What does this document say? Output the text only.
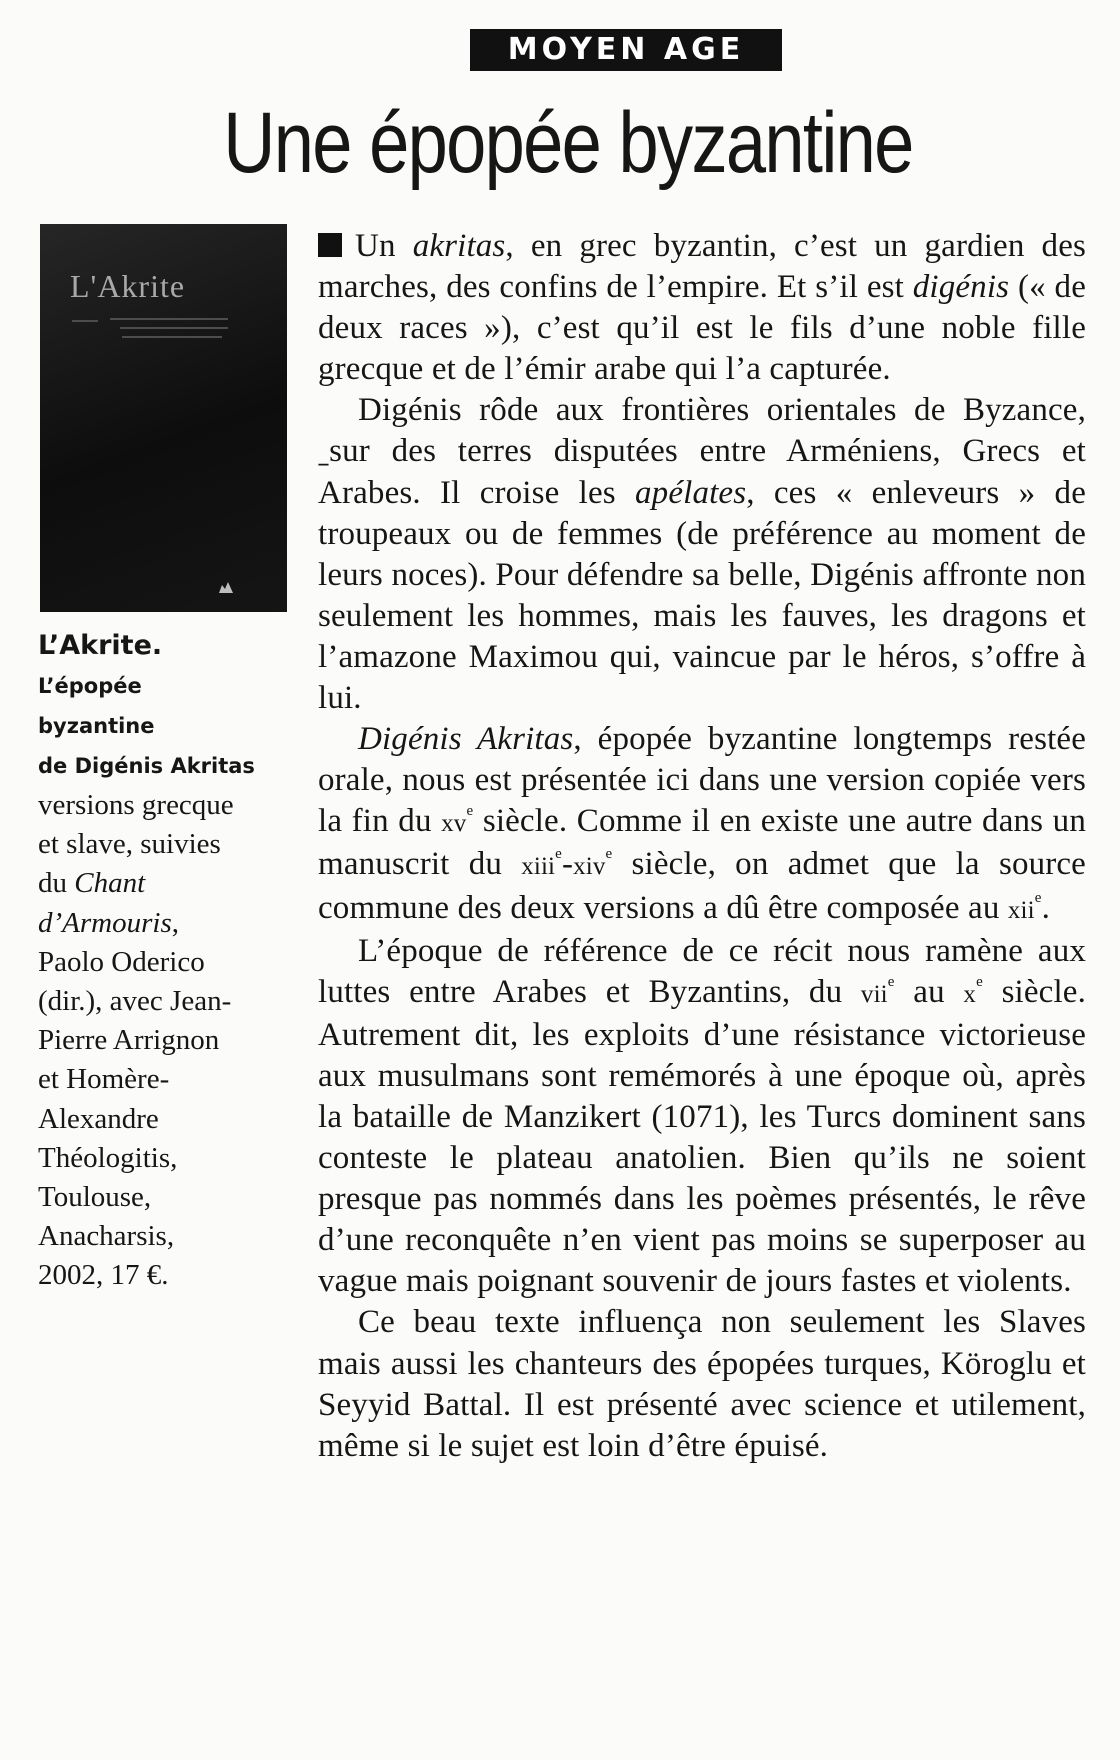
MOYEN AGE
Une épopée byzantine
L'Akrite
L’Akrite.
L’épopée
byzantine
de Digénis Akritas
versions grecque
et slave, suivies
du Chant
d’Armouris,
Paolo Oderico
(dir.), avec Jean-
Pierre Arrignon
et Homère-
Alexandre
Théologitis,
Toulouse,
Anacharsis,
2002, 17 €.

Un akritas, en grec byzantin, c’est un gardien des marches, des confins de l’empire. Et s’il est digénis (« de deux races »), c’est qu’il est le fils d’une noble fille grecque et de l’émir arabe qui l’a capturée.

Digénis rôde aux frontières orientales de Byzance, ˍsur des terres disputées entre Arméniens, Grecs et Arabes. Il croise les apélates, ces « enleveurs » de troupeaux ou de femmes (de préférence au moment de leurs noces). Pour défendre sa belle, Digénis affronte non seulement les hommes, mais les fauves, les dragons et l’amazone Maximou qui, vaincue par le héros, s’offre à lui.

Digénis Akritas, épopée byzantine longtemps restée orale, nous est présentée ici dans une version copiée vers la fin du $xv^e$ siècle. Comme il en existe une autre dans un manuscrit du xiii$^e$-xiv$^e$ siècle, on admet que la source commune des deux versions a dû être composée au xii$^e$.

L’époque de référence de ce récit nous ramène aux luttes entre Arabes et Byzantins, du vii$^e$ au $x^e$ siècle. Autrement dit, les exploits d’une résistance victorieuse aux musulmans sont remémorés à une époque où, après la bataille de Manzikert (1071), les Turcs dominent sans conteste le plateau anatolien. Bien qu’ils ne soient presque pas nommés dans les poèmes présentés, le rêve d’une reconquête n’en vient pas moins se superposer au vague mais poignant souvenir de jours fastes et violents.

Ce beau texte influença non seulement les Slaves mais aussi les chanteurs des épopées turques, Köroglu et Seyyid Battal. Il est présenté avec science et utilement, même si le sujet est loin d’être épuisé.
